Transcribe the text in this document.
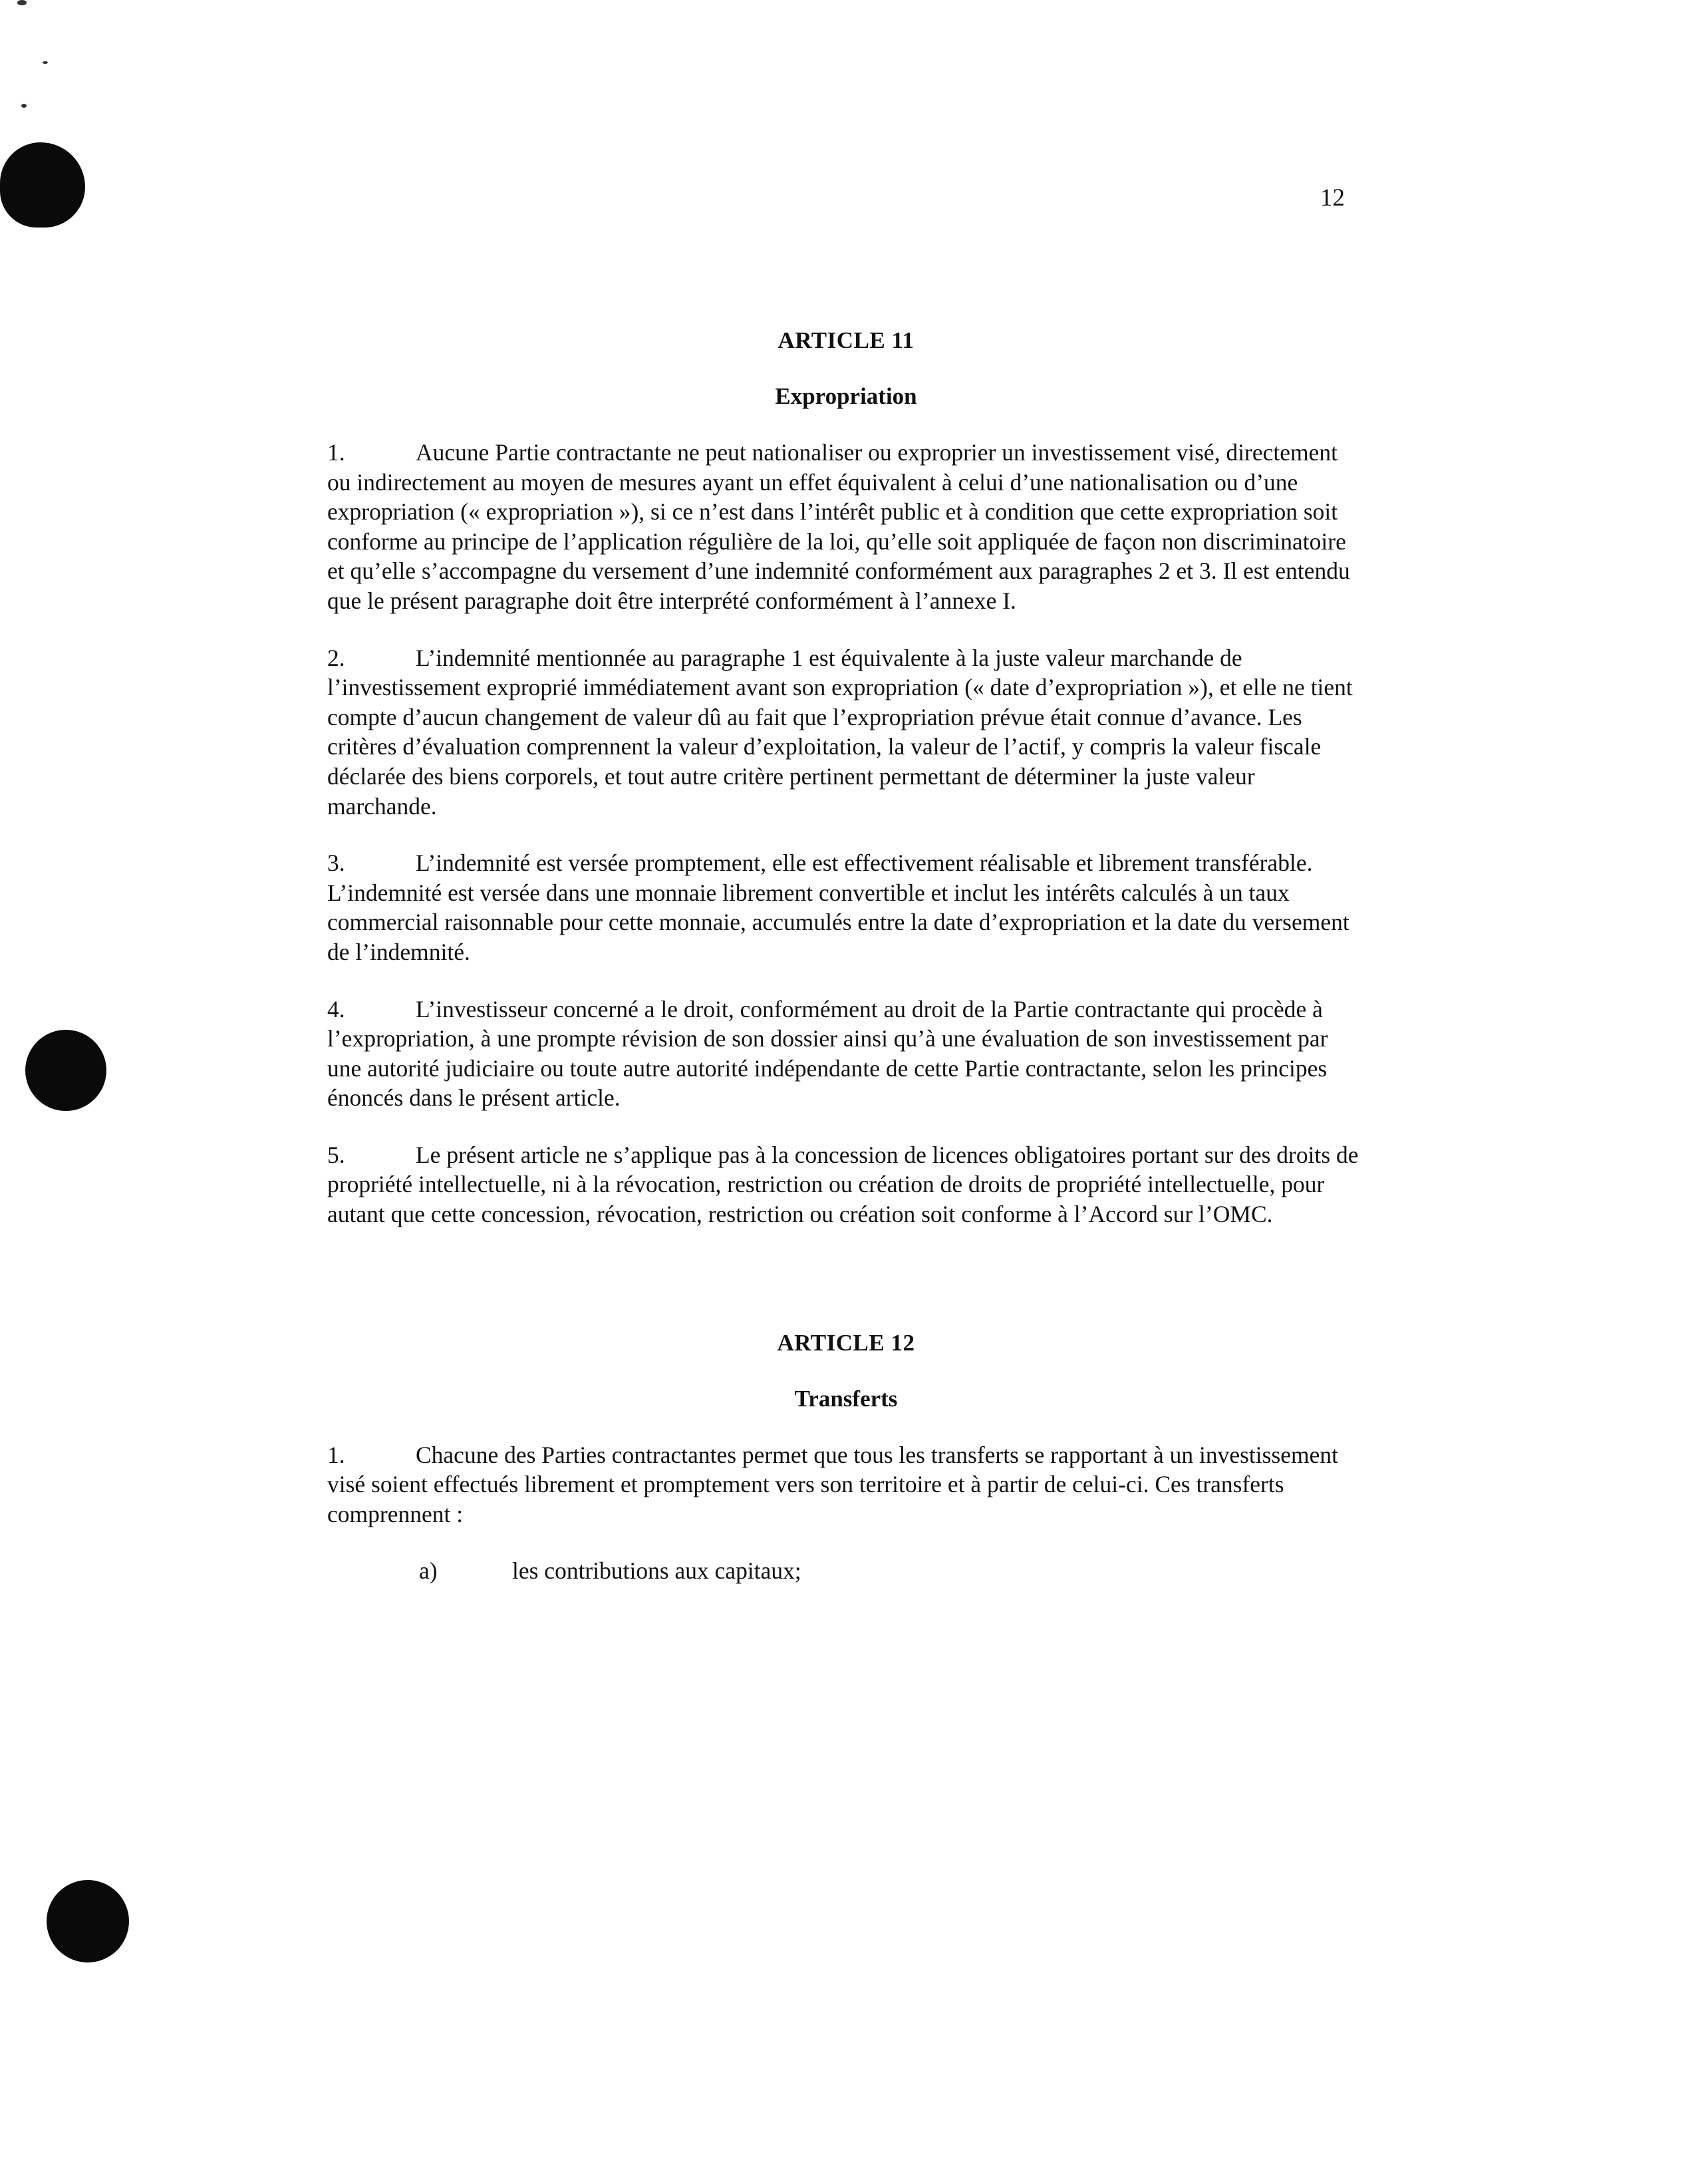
12
ARTICLE 11
Expropriation

1.	Aucune Partie contractante ne peut nationaliser ou exproprier un investissement visé, directement ou indirectement au moyen de mesures ayant un effet équivalent à celui d’une nationalisation ou d’une expropriation (« expropriation »), si ce n’est dans l’intérêt public et à condition que cette expropriation soit conforme au principe de l’application régulière de la loi, qu’elle soit appliquée de façon non discriminatoire et qu’elle s’accompagne du versement d’une indemnité conformément aux paragraphes 2 et 3. Il est entendu que le présent paragraphe doit être interprété conformément à l’annexe I.

2.	L’indemnité mentionnée au paragraphe 1 est équivalente à la juste valeur marchande de l’investissement exproprié immédiatement avant son expropriation (« date d’expropriation »), et elle ne tient compte d’aucun changement de valeur dû au fait que l’expropriation prévue était connue d’avance. Les critères d’évaluation comprennent la valeur d’exploitation, la valeur de l’actif, y compris la valeur fiscale déclarée des biens corporels, et tout autre critère pertinent permettant de déterminer la juste valeur marchande.

3.	L’indemnité est versée promptement, elle est effectivement réalisable et librement transférable. L’indemnité est versée dans une monnaie librement convertible et inclut les intérêts calculés à un taux commercial raisonnable pour cette monnaie, accumulés entre la date d’expropriation et la date du versement de l’indemnité.

4.	L’investisseur concerné a le droit, conformément au droit de la Partie contractante qui procède à l’expropriation, à une prompte révision de son dossier ainsi qu’à une évaluation de son investissement par une autorité judiciaire ou toute autre autorité indépendante de cette Partie contractante, selon les principes énoncés dans le présent article.

5.	Le présent article ne s’applique pas à la concession de licences obligatoires portant sur des droits de propriété intellectuelle, ni à la révocation, restriction ou création de droits de propriété intellectuelle, pour autant que cette concession, révocation, restriction ou création soit conforme à l’Accord sur l’OMC.

ARTICLE 12
Transferts

1.	Chacune des Parties contractantes permet que tous les transferts se rapportant à un investissement visé soient effectués librement et promptement vers son territoire et à partir de celui-ci. Ces transferts comprennent :

a)	les contributions aux capitaux;
